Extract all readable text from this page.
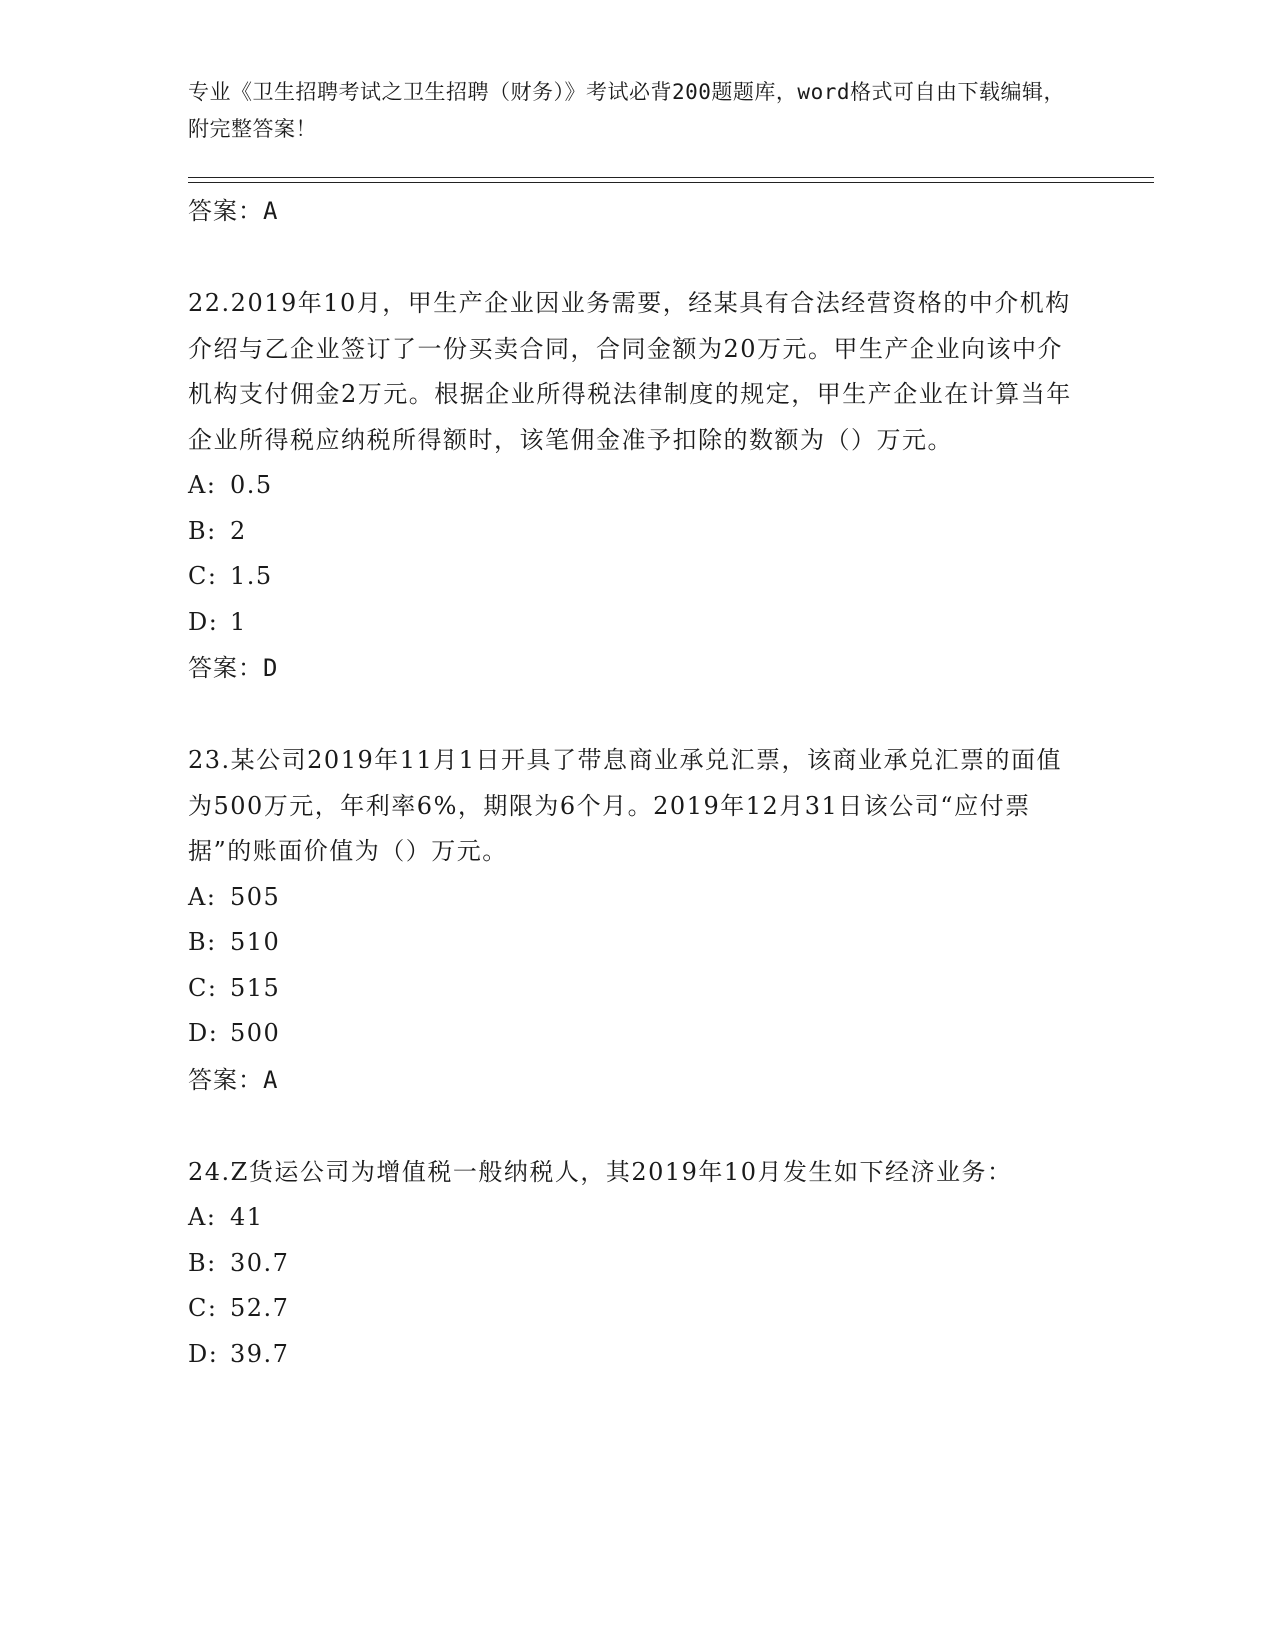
专业《卫生招聘考试之卫生招聘（财务）》考试必背200题题库，word格式可自由下载编辑，附完整答案！
答案：A
22.2019年10月，甲生产企业因业务需要，经某具有合法经营资格的中介机构介绍与乙企业签订了一份买卖合同，合同金额为20万元。甲生产企业向该中介机构支付佣金2万元。根据企业所得税法律制度的规定，甲生产企业在计算当年企业所得税应纳税所得额时，该笔佣金准予扣除的数额为（）万元。
A: 0.5
B: 2
C: 1.5
D: 1
答案：D
23.某公司2019年11月1日开具了带息商业承兑汇票，该商业承兑汇票的面值为500万元，年利率6%，期限为6个月。2019年12月31日该公司“应付票据”的账面价值为（）万元。
A: 505
B: 510
C: 515
D: 500
答案：A
24.Z货运公司为增值税一般纳税人，其2019年10月发生如下经济业务：
A: 41
B: 30.7
C: 52.7
D: 39.7
